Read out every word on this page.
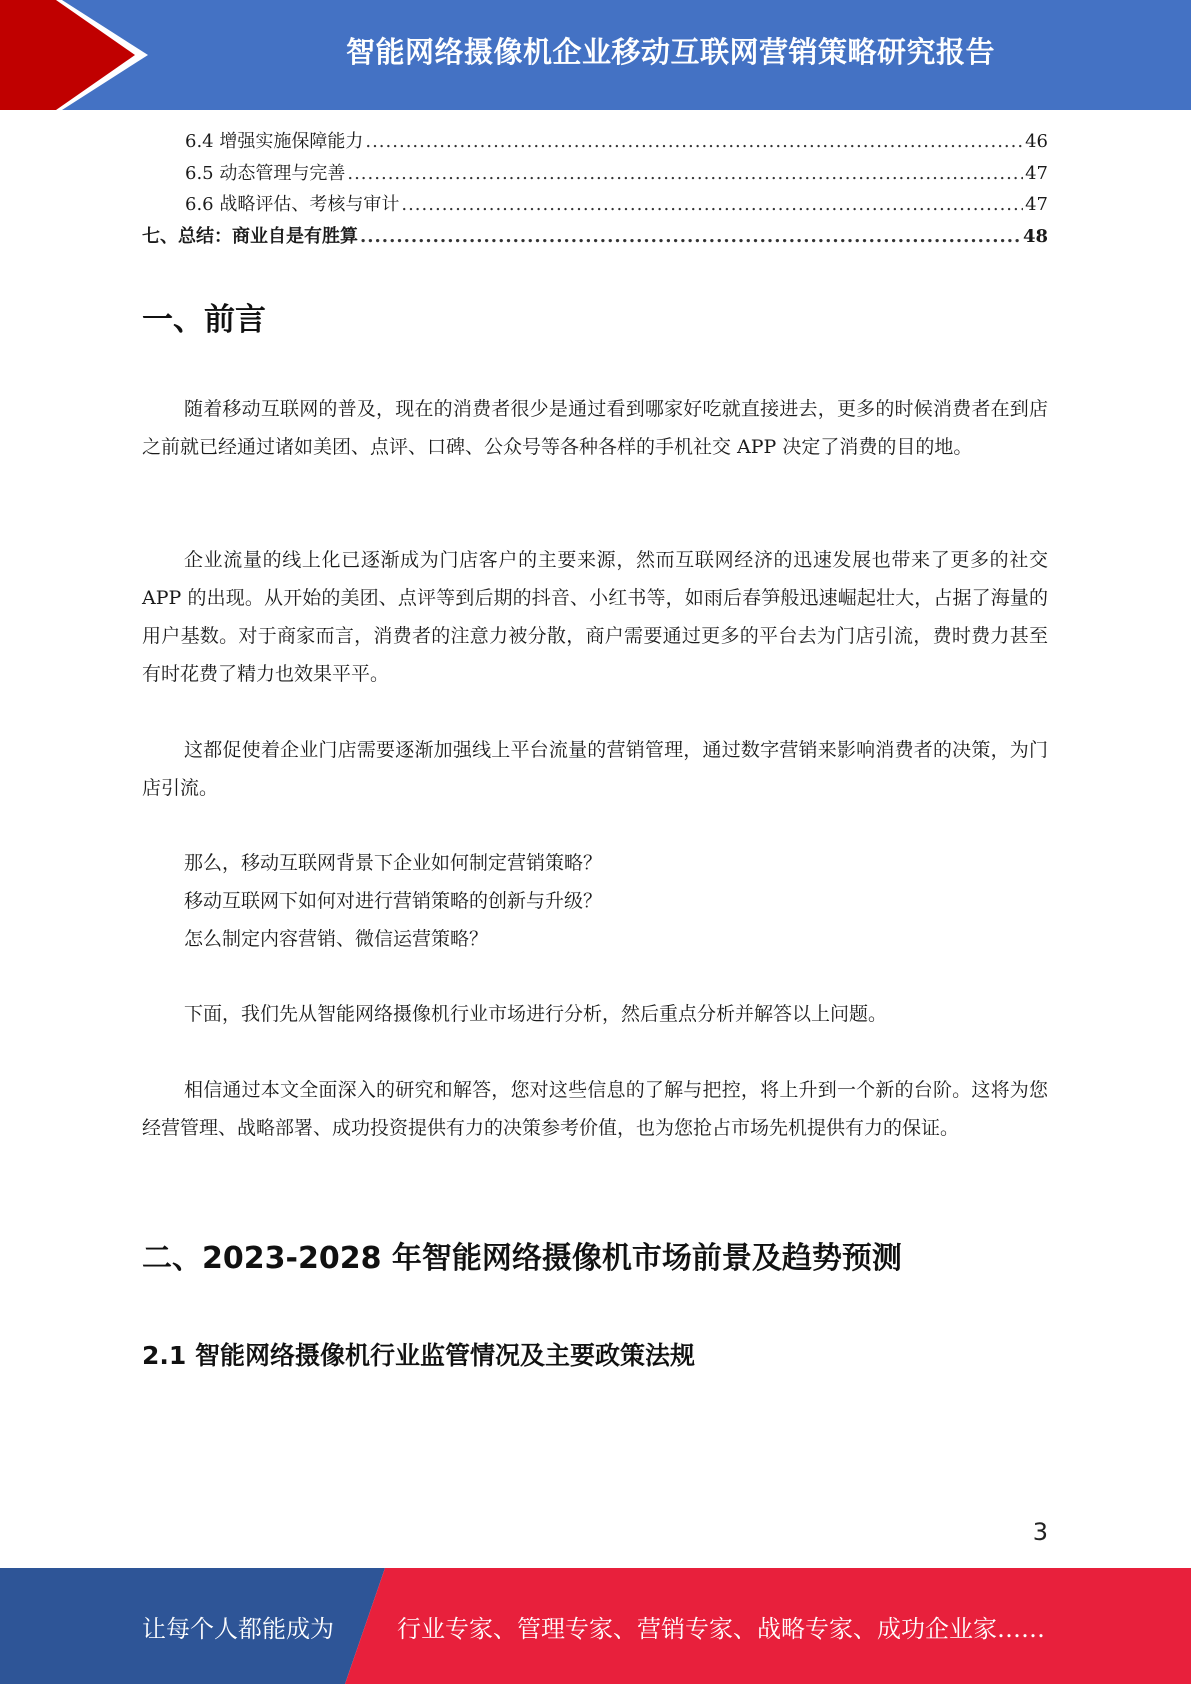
智能网络摄像机企业移动互联网营销策略研究报告
6.4 增强实施保障能力 .....	46
6.5 动态管理与完善 .....	47
6.6 战略评估、考核与审计 .....	47
七、总结：商业自是有胜算 .....	48
一、前言

随着移动互联网的普及，现在的消费者很少是通过看到哪家好吃就直接进去，更多的时候消费者在到店之前就已经通过诸如美团、点评、口碑、公众号等各种各样的手机社交 APP 决定了消费的目的地。

企业流量的线上化已逐渐成为门店客户的主要来源，然而互联网经济的迅速发展也带来了更多的社交 APP 的出现。从开始的美团、点评等到后期的抖音、小红书等，如雨后春笋般迅速崛起壮大，占据了海量的用户基数。对于商家而言，消费者的注意力被分散，商户需要通过更多的平台去为门店引流，费时费力甚至有时花费了精力也效果平平。

这都促使着企业门店需要逐渐加强线上平台流量的营销管理，通过数字营销来影响消费者的决策，为门店引流。

那么，移动互联网背景下企业如何制定营销策略？
移动互联网下如何对进行营销策略的创新与升级？
怎么制定内容营销、微信运营策略？

下面，我们先从智能网络摄像机行业市场进行分析，然后重点分析并解答以上问题。

相信通过本文全面深入的研究和解答，您对这些信息的了解与把控，将上升到一个新的台阶。这将为您经营管理、战略部署、成功投资提供有力的决策参考价值，也为您抢占市场先机提供有力的保证。

二、2023-2028 年智能网络摄像机市场前景及趋势预测
2.1 智能网络摄像机行业监管情况及主要政策法规
3
让每个人都能成为	行业专家、管理专家、营销专家、战略专家、成功企业家……
